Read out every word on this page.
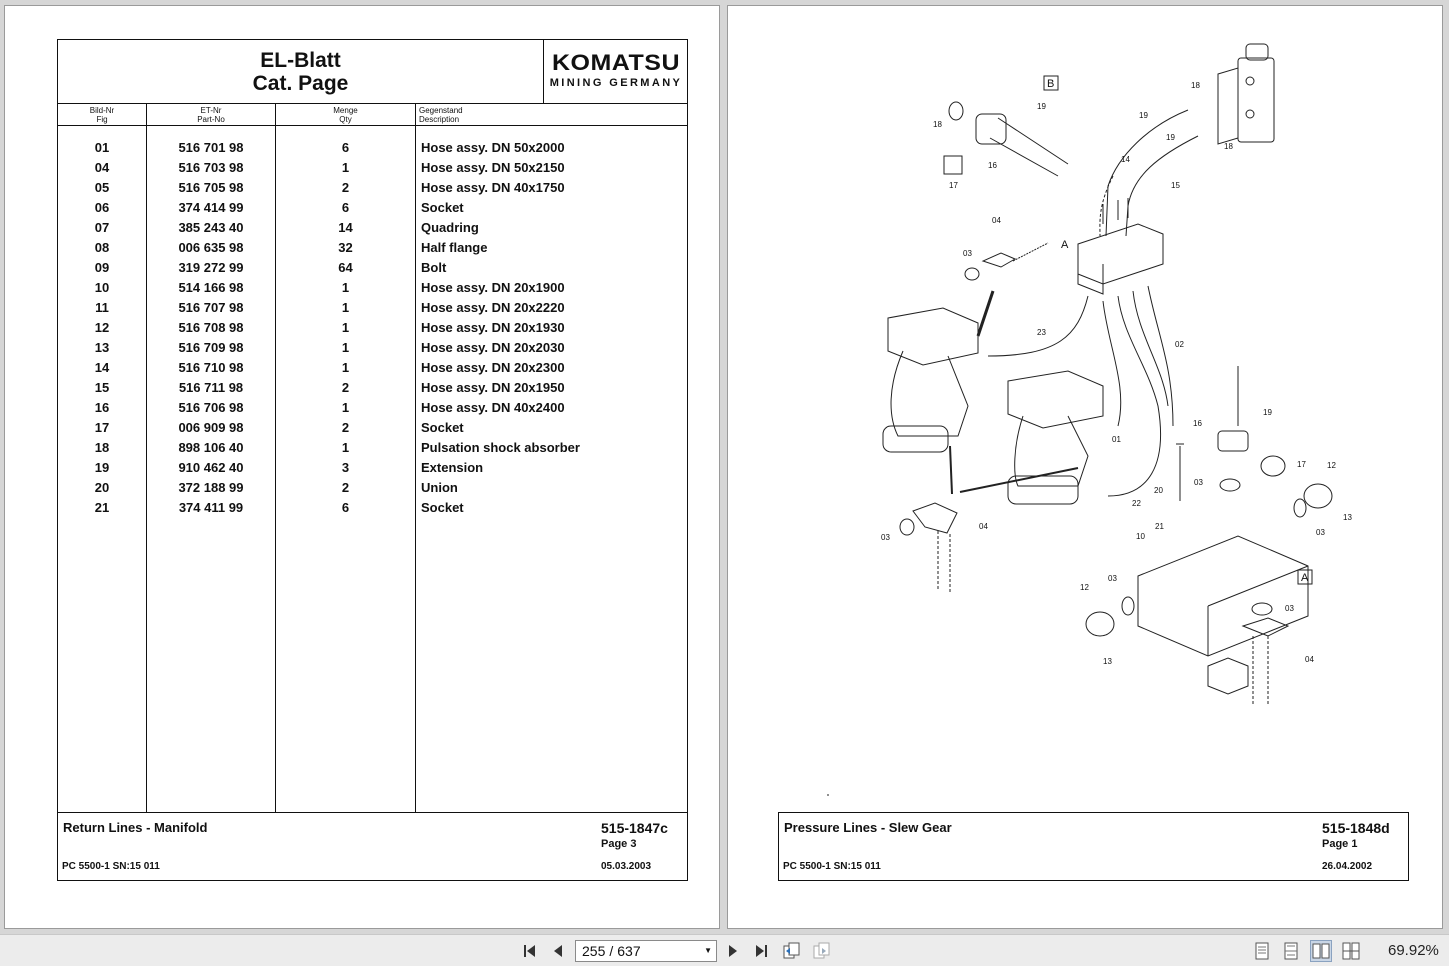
EL-Blatt
Cat. Page
KOMATSU
MINING GERMANY
Bild-Nr
Fig
ET-Nr
Part-No
Menge
Qty
Gegenstand
Description
01	516 701 98	6	Hose assy. DN 50x2000
04	516 703 98	1	Hose assy. DN 50x2150
05	516 705 98	2	Hose assy. DN 40x1750
06	374 414 99	6	Socket
07	385 243 40	14	Quadring
08	006 635 98	32	Half flange
09	319 272 99	64	Bolt
10	514 166 98	1	Hose assy. DN 20x1900
11	516 707 98	1	Hose assy. DN 20x2220
12	516 708 98	1	Hose assy. DN 20x1930
13	516 709 98	1	Hose assy. DN 20x2030
14	516 710 98	1	Hose assy. DN 20x2300
15	516 711 98	2	Hose assy. DN 20x1950
16	516 706 98	1	Hose assy. DN 40x2400
17	006 909 98	2	Socket
18	898 106 40	1	Pulsation shock absorber
19	910 462 40	3	Extension
20	372 188 99	2	Union
21	374 411 99	6	Socket
Return Lines - Manifold	515-1847c
Page 3
PC 5500-1 SN:15 011	05.03.2003
B
A
A
18
19
16
17
18
19
19
18
14
15
04
03
23
02
01
22
20
03
16
19
17	12
13
03
03
04	21
10
12
03
13
03
04
Pressure Lines - Slew Gear	515-1848d
Page 1
PC 5500-1 SN:15 011	26.04.2002
255 / 637	▼	69.92%
